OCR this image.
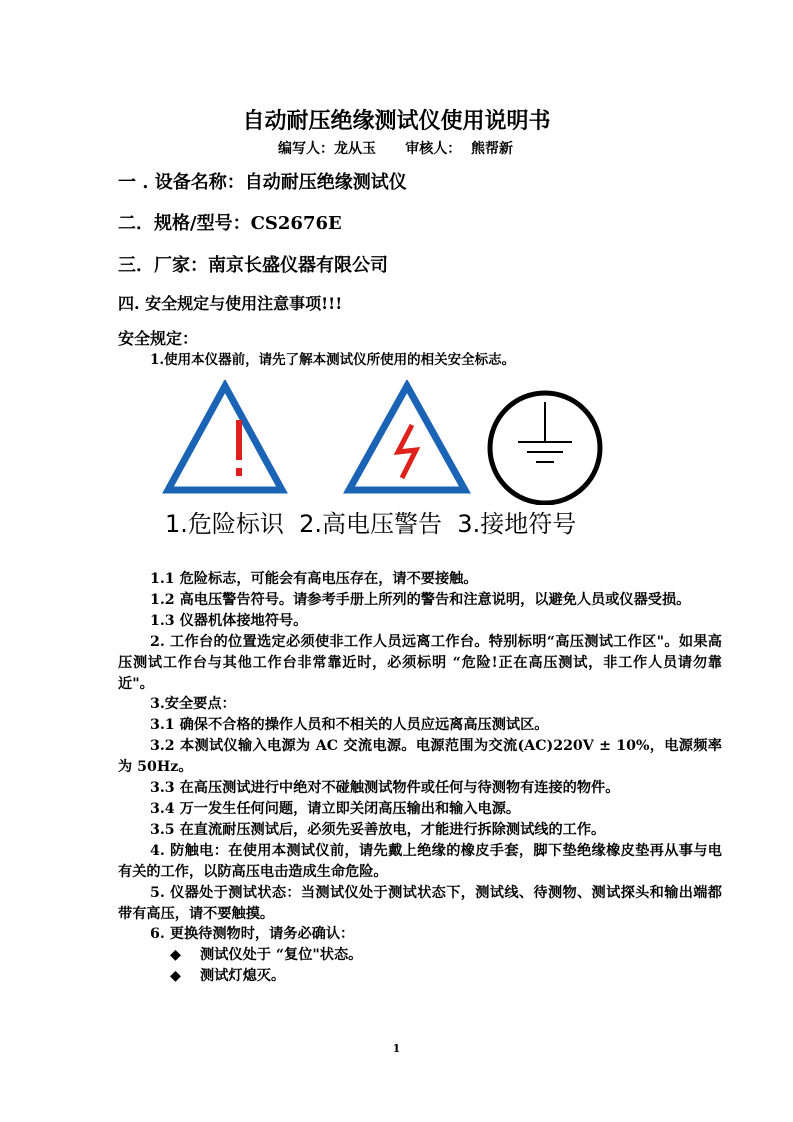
自动耐压绝缘测试仪使用说明书
编写人：龙从玉      审核人：  熊帮新
一 . 设备名称：自动耐压绝缘测试仪
二．规格/型号：CS2676E
三．厂家：南京长盛仪器有限公司
四. 安全规定与使用注意事项!!!
安全规定：
1.使用本仪器前，请先了解本测试仪所使用的相关安全标志。
1.危险标识  2.高电压警告  3.接地符号

1.1 危险标志，可能会有高电压存在，请不要接触。

1.2 高电压警告符号。请参考手册上所列的警告和注意说明，以避免人员或仪器受损。

1.3 仪器机体接地符号。

2. 工作台的位置选定必须使非工作人员远离工作台。特别标明“高压测试工作区"。如果高压测试工作台与其他工作台非常靠近时，必须标明 “危险!正在高压测试，非工作人员请勿靠近"。

3.安全要点：

3.1 确保不合格的操作人员和不相关的人员应远离高压测试区。

3.2 本测试仪输入电源为 AC 交流电源。电源范围为交流(AC)220V ± 10%，电源频率为 50Hz。

3.3 在高压测试进行中绝对不碰触测试物件或任何与待测物有连接的物件。

3.4 万一发生任何问题，请立即关闭高压输出和输入电源。

3.5 在直流耐压测试后，必须先妥善放电，才能进行拆除测试线的工作。

4. 防触电：在使用本测试仪前，请先戴上绝缘的橡皮手套，脚下垫绝缘橡皮垫再从事与电有关的工作，以防高压电击造成生命危险。

5. 仪器处于测试状态：当测试仪处于测试状态下，测试线、待测物、测试探头和输出端都带有高压，请不要触摸。

6. 更换待测物时，请务必确认：

◆ 测试仪处于 “复位"状态。

◆ 测试灯熄灭。

1
